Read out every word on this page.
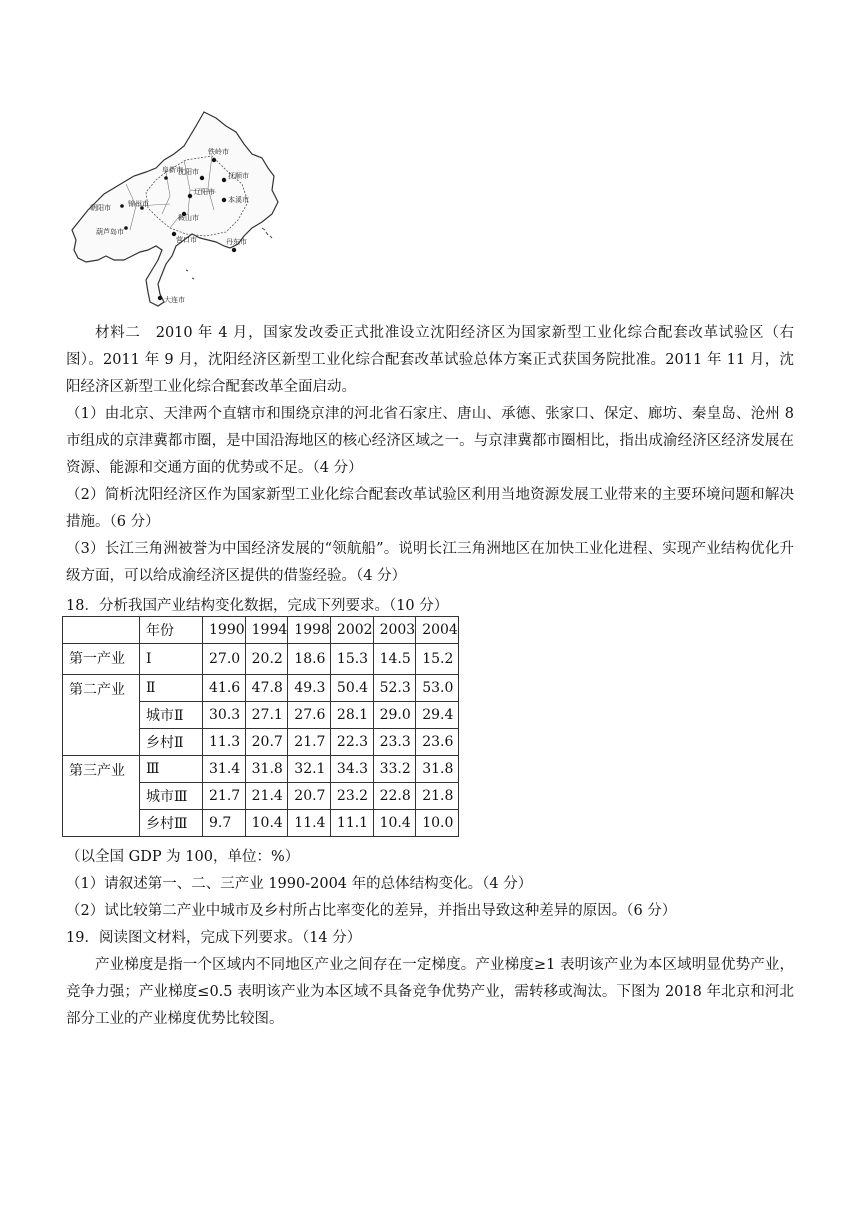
铁岭市
沈阳市	抚顺市
阜新市
辽阳市
本溪市
朝阳市 锦州市
鞍山市
葫芦岛市
营口市	丹东市
大连市
材料二　2010 年 4 月，国家发改委正式批准设立沈阳经济区为国家新型工业化综合配套改革试验区（右图）。2011 年 9 月，沈阳经济区新型工业化综合配套改革试验总体方案正式获国务院批准。2011 年 11 月，沈阳经济区新型工业化综合配套改革全面启动。
（1）由北京、天津两个直辖市和围绕京津的河北省石家庄、唐山、承德、张家口、保定、廊坊、秦皇岛、沧州 8 市组成的京津冀都市圈，是中国沿海地区的核心经济区域之一。与京津冀都市圈相比，指出成渝经济区经济发展在资源、能源和交通方面的优势或不足。（4 分）
（2）简析沈阳经济区作为国家新型工业化综合配套改革试验区利用当地资源发展工业带来的主要环境问题和解决措施。（6 分）
（3）长江三角洲被誉为中国经济发展的“领航船”。说明长江三角洲地区在加快工业化进程、实现产业结构优化升级方面，可以给成渝经济区提供的借鉴经验。（4 分）
18．分析我国产业结构变化数据，完成下列要求。（10 分）
	年份	1990	1994	1998	2002	2003	2004
第一产业	Ⅰ	27.0	20.2	18.6	15.3	14.5	15.2
第二产业	Ⅱ	41.6	47.8	49.3	50.4	52.3	53.0
	城市Ⅱ	30.3	27.1	27.6	28.1	29.0	29.4
	乡村Ⅱ	11.3	20.7	21.7	22.3	23.3	23.6
第三产业	Ⅲ	31.4	31.8	32.1	34.3	33.2	31.8
	城市Ⅲ	21.7	21.4	20.7	23.2	22.8	21.8
	乡村Ⅲ	9.7	10.4	11.4	11.1	10.4	10.0
（以全国 GDP 为 100，单位：%）
（1）请叙述第一、二、三产业 1990-2004 年的总体结构变化。（4 分）
（2）试比较第二产业中城市及乡村所占比率变化的差异，并指出导致这种差异的原因。（6 分）
19．阅读图文材料，完成下列要求。（14 分）
产业梯度是指一个区域内不同地区产业之间存在一定梯度。产业梯度≥1 表明该产业为本区域明显优势产业，竞争力强；产业梯度≤0.5 表明该产业为本区域不具备竞争优势产业，需转移或淘汰。下图为 2018 年北京和河北部分工业的产业梯度优势比较图。
